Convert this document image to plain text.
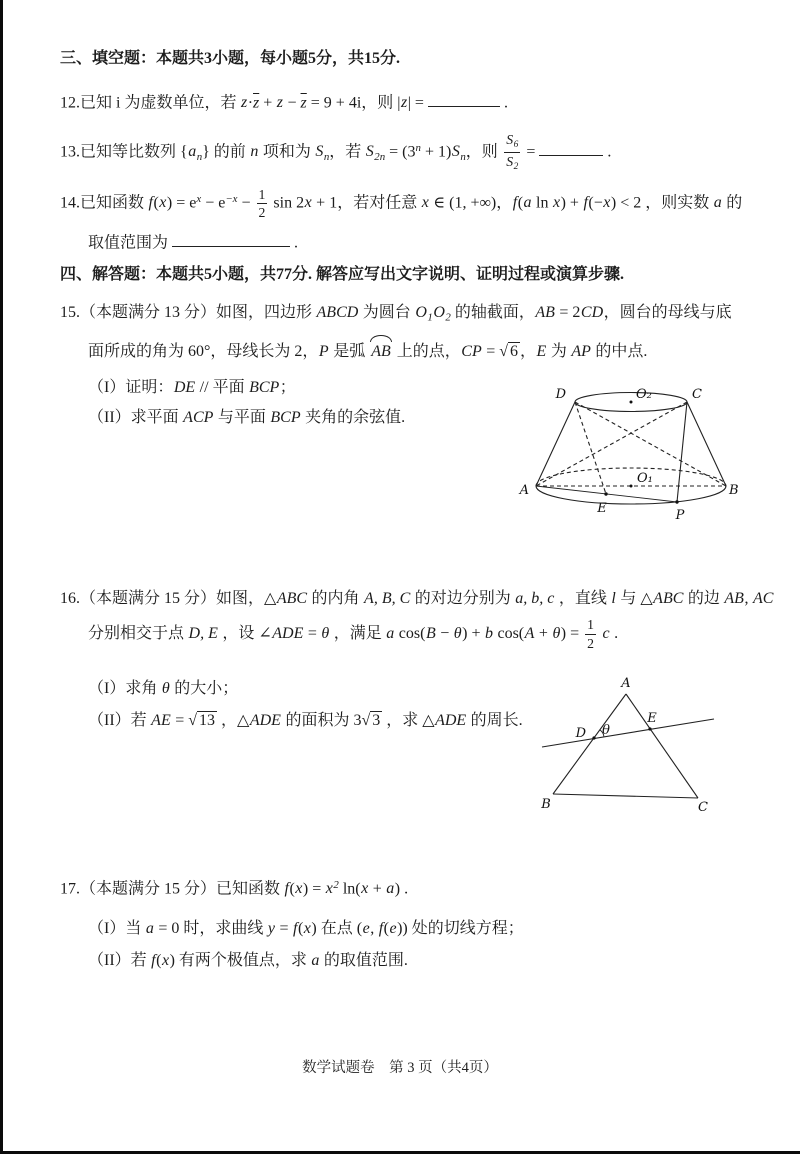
三、填空题：本题共3小题，每小题5分，共15分.
12.已知 i 为虚数单位，若 $z\cdot\overline{z} + z - \overline{z} = 9 + 4i$，则 |z| =	.
13.已知等比数列 $\{a_n\}$ 的前 n 项和为 $S_n$，若 $S_{2n} = (3^n + 1)S_n$，则 $\frac{S_6}{S_2}$ =	.
14.已知函数 $f(x) = e^x - e^{-x} - \frac{1}{2}$ sin 2x + 1，若对任意 x ∈ (1, +∞)，f(a ln x) + f(−x) < 2 ，则实数 a 的
取值范围为	.
四、解答题：本题共5小题，共77分. 解答应写出文字说明、证明过程或演算步骤.
15.（本题满分 13 分）如图，四边形 ABCD 为圆台 $O_1O_2$ 的轴截面，AB = 2CD，圆台的母线与底
面所成的角为 60°，母线长为 2，P 是弧 AB 上的点，CP = √ 6 ，E 为 AP 的中点.
（I）证明：DE // 平面 BCP；
（II）求平面 ACP 与平面 BCP 夹角的余弦值.
D	O₂	C
A
O₁
B
E	P
16.（本题满分 15 分）如图，△ABC 的内角 A, B, C 的对边分别为 a, b, c ，直线 l 与 △ABC 的边 AB, AC
分别相交于点 D, E ，设 ∠ADE = θ ，满足 a cos(B − θ) + b $\cos(A + \theta) = \frac{1}{2}$ c .
（I）求角 θ 的大小；
（II）若 AE = √ 13 ，△ADE 的面积为 3√ 3 ，求 △ADE 的周长.
A
B	C
D
E
θ
17.（本题满分 15 分）已知函数 $f(x) = x^2$ ln(x + a) .
（I）当 a = 0 时，求曲线 y = f(x) 在点 (e, f(e)) 处的切线方程；
（II）若 f(x) 有两个极值点，求 a 的取值范围.
数学试题卷　第 3 页（共4页）
